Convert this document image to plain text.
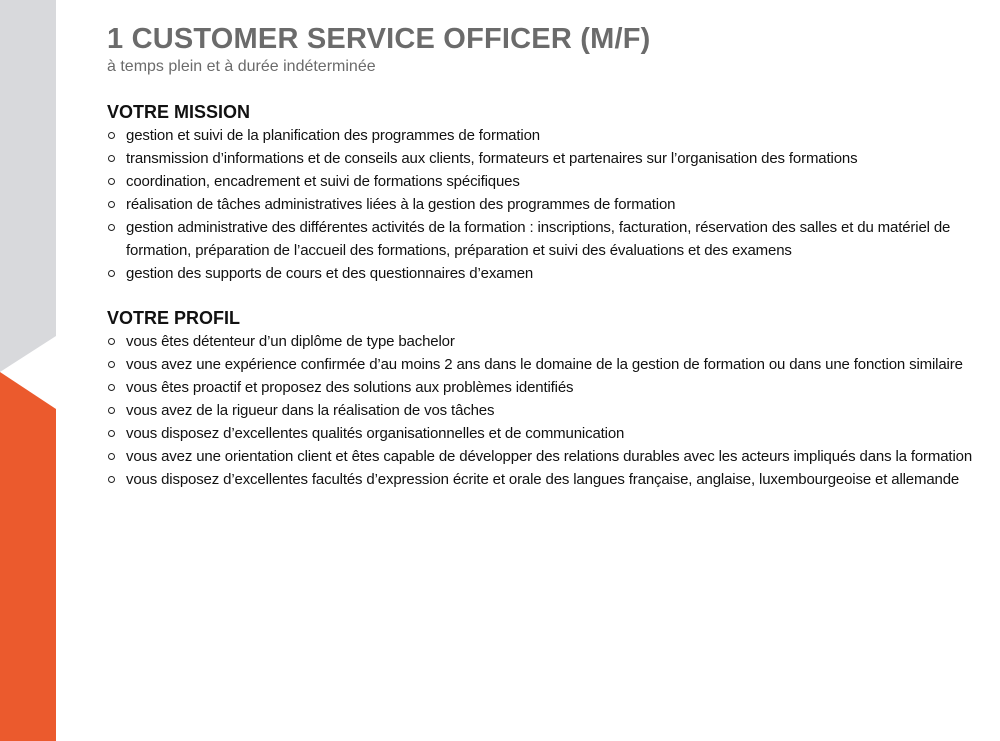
1 CUSTOMER SERVICE OFFICER (M/F)
à temps plein et à durée indéterminée
VOTRE MISSION
gestion et suivi de la planification des programmes de formation
transmission d’informations et de conseils aux clients, formateurs et partenaires sur l’organisation des formations
coordination, encadrement et suivi de formations spécifiques
réalisation de tâches administratives liées à la gestion des programmes de formation
gestion administrative des différentes activités de la formation : inscriptions, facturation, réservation des salles et du matériel de formation, préparation de l’accueil des formations, préparation et suivi des évaluations et des examens
gestion des supports de cours et des questionnaires d’examen
VOTRE PROFIL
vous êtes détenteur d’un diplôme de type bachelor
vous avez une expérience confirmée d’au moins 2 ans dans le domaine de la gestion de formation ou dans une fonction similaire
vous êtes proactif et proposez des solutions aux problèmes identifiés
vous avez de la rigueur dans la réalisation de vos tâches
vous disposez d’excellentes qualités organisationnelles et de communication
vous avez une orientation client et êtes capable de développer des relations durables avec les acteurs impliqués dans la formation
vous disposez d’excellentes facultés d’expression écrite et orale des langues française, anglaise, luxembourgeoise et allemande
